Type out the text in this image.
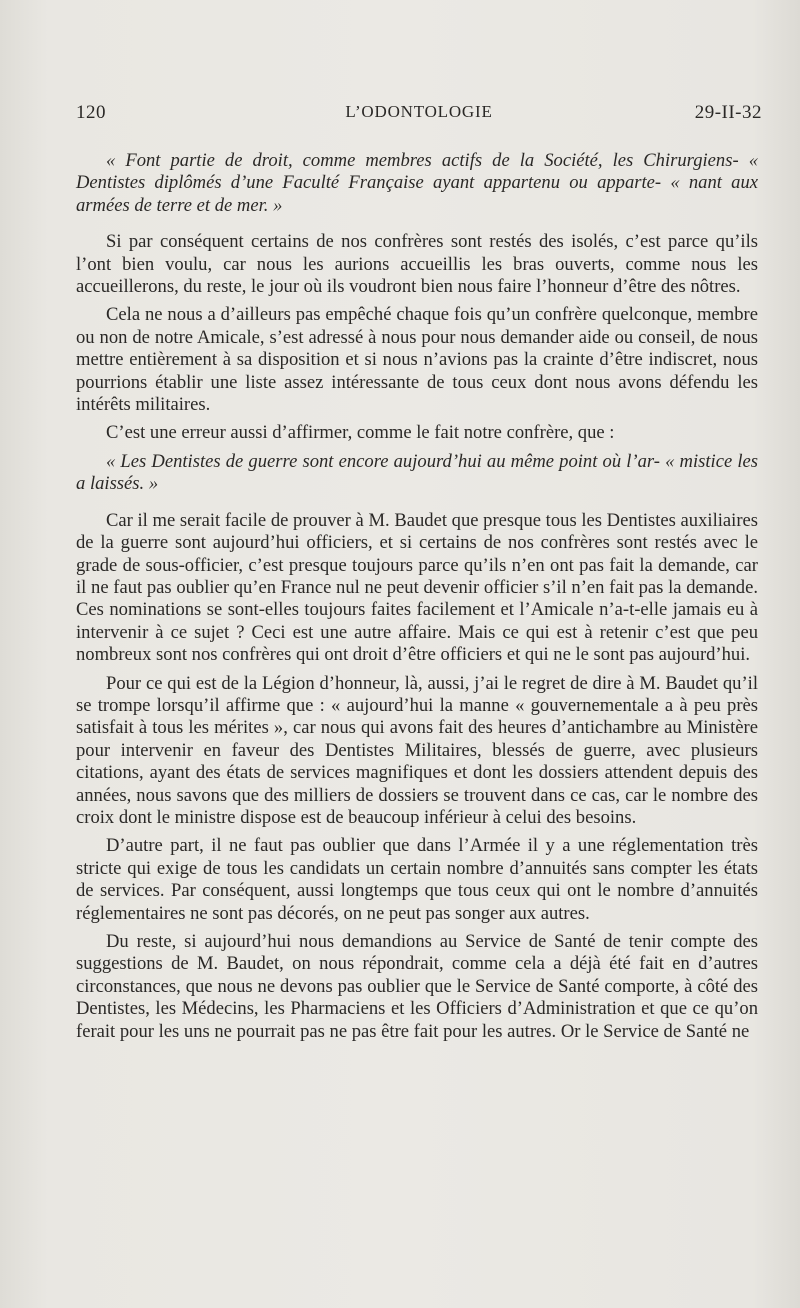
120	L’ODONTOLOGIE	29-II-32

« Font partie de droit, comme membres actifs de la Société, les Chirurgiens- « Dentistes diplômés d’une Faculté Française ayant appartenu ou apparte- « nant aux armées de terre et de mer. »

Si par conséquent certains de nos confrères sont restés des isolés, c’est parce qu’ils l’ont bien voulu, car nous les aurions accueillis les bras ouverts, comme nous les accueillerons, du reste, le jour où ils voudront bien nous faire l’honneur d’être des nôtres.

Cela ne nous a d’ailleurs pas empêché chaque fois qu’un confrère quelconque, membre ou non de notre Amicale, s’est adressé à nous pour nous demander aide ou conseil, de nous mettre entièrement à sa disposition et si nous n’avions pas la crainte d’être indiscret, nous pourrions établir une liste assez intéressante de tous ceux dont nous avons défendu les intérêts militaires.

C’est une erreur aussi d’affirmer, comme le fait notre confrère, que :

« Les Dentistes de guerre sont encore aujourd’hui au même point où l’ar- « mistice les a laissés. »

Car il me serait facile de prouver à M. Baudet que presque tous les Dentistes auxiliaires de la guerre sont aujourd’hui officiers, et si certains de nos confrères sont restés avec le grade de sous-officier, c’est presque toujours parce qu’ils n’en ont pas fait la demande, car il ne faut pas oublier qu’en France nul ne peut devenir officier s’il n’en fait pas la demande. Ces nominations se sont-elles toujours faites facilement et l’Amicale n’a-t-elle jamais eu à intervenir à ce sujet ? Ceci est une autre affaire. Mais ce qui est à retenir c’est que peu nombreux sont nos confrères qui ont droit d’être officiers et qui ne le sont pas aujourd’hui.

Pour ce qui est de la Légion d’honneur, là, aussi, j’ai le regret de dire à M. Baudet qu’il se trompe lorsqu’il affirme que : « aujourd’hui la manne « gouvernementale a à peu près satisfait à tous les mérites », car nous qui avons fait des heures d’antichambre au Ministère pour intervenir en faveur des Dentistes Militaires, blessés de guerre, avec plusieurs citations, ayant des états de services magnifiques et dont les dossiers attendent depuis des années, nous savons que des milliers de dossiers se trouvent dans ce cas, car le nombre des croix dont le ministre dispose est de beaucoup inférieur à celui des besoins.

D’autre part, il ne faut pas oublier que dans l’Armée il y a une réglementation très stricte qui exige de tous les candidats un certain nombre d’annuités sans compter les états de services. Par conséquent, aussi longtemps que tous ceux qui ont le nombre d’annuités réglementaires ne sont pas décorés, on ne peut pas songer aux autres.

Du reste, si aujourd’hui nous demandions au Service de Santé de tenir compte des suggestions de M. Baudet, on nous répondrait, comme cela a déjà été fait en d’autres circonstances, que nous ne devons pas oublier que le Service de Santé comporte, à côté des Dentistes, les Médecins, les Pharmaciens et les Officiers d’Administration et que ce qu’on ferait pour les uns ne pourrait pas ne pas être fait pour les autres. Or le Service de Santé ne
